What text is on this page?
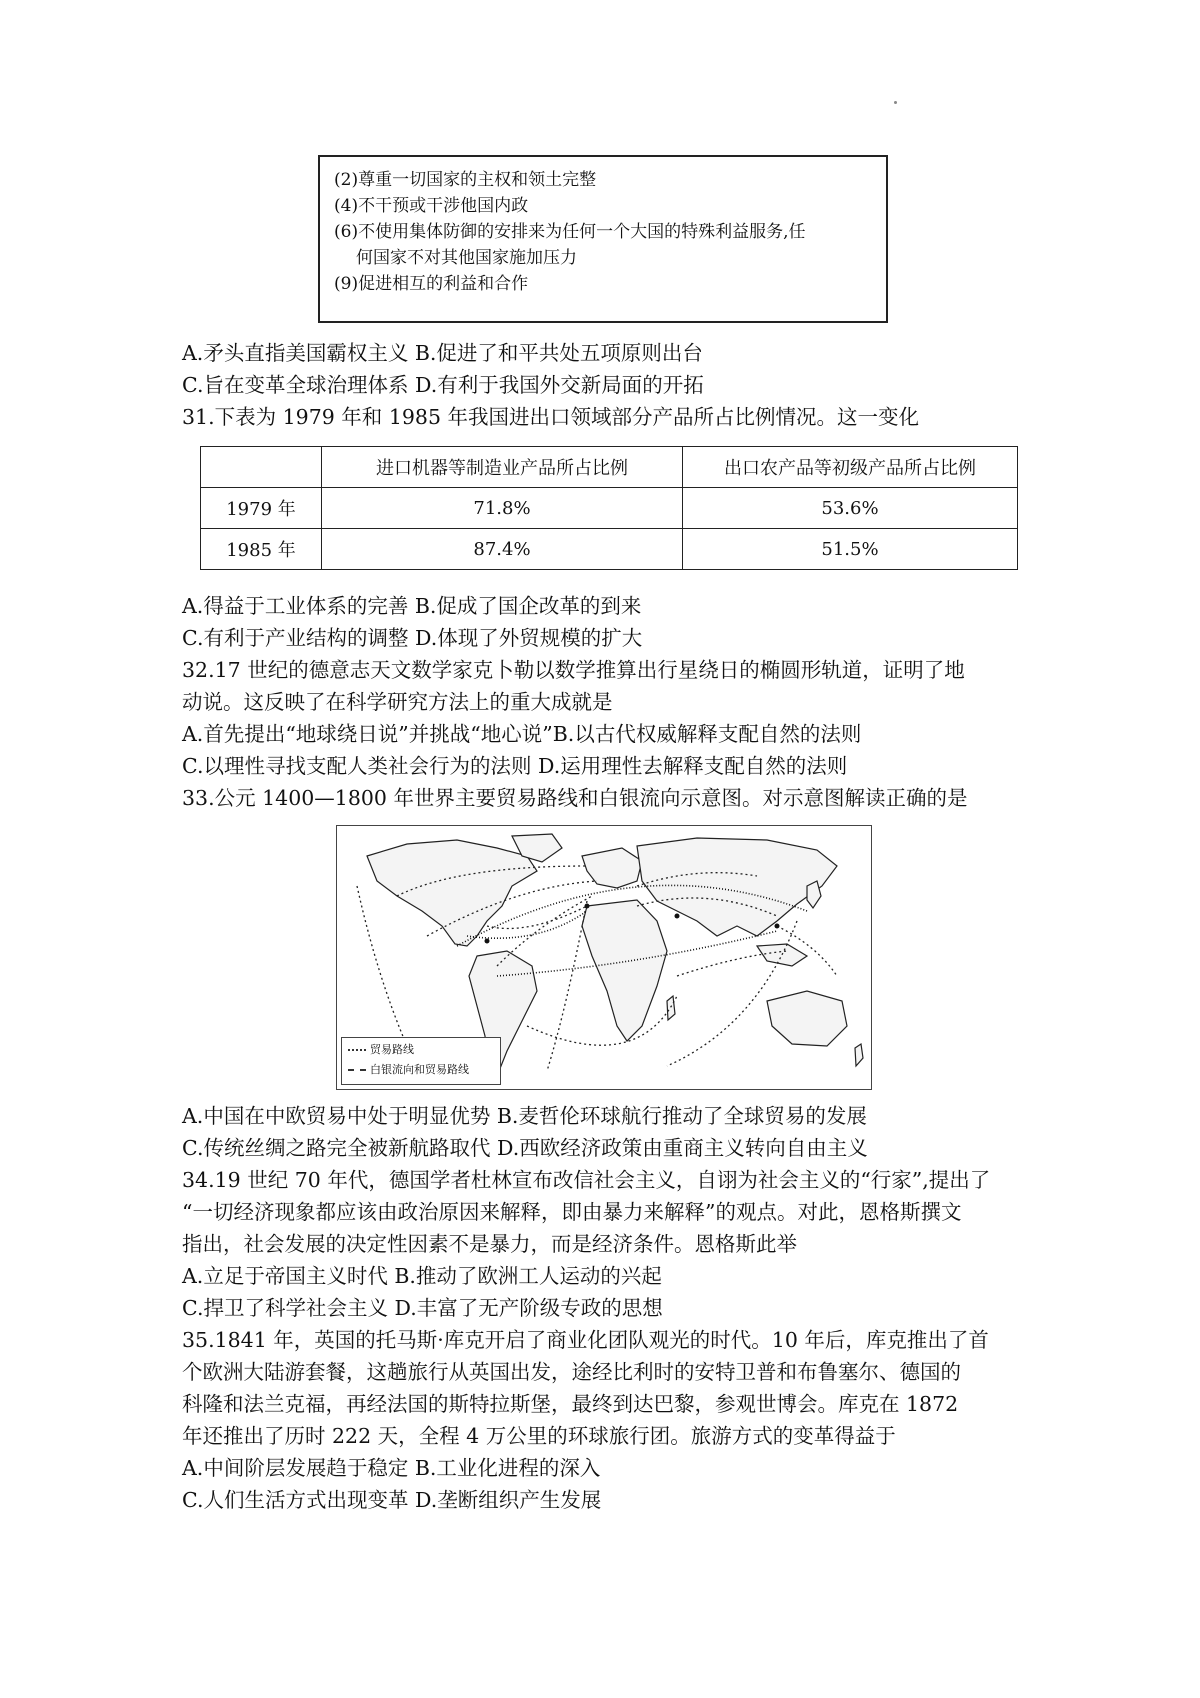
(2)尊重一切国家的主权和领土完整

(4)不干预或干涉他国内政

(6)不使用集体防御的安排来为任何一个大国的特殊利益服务,任

何国家不对其他国家施加压力

(9)促进相互的利益和合作

A.矛头直指美国霸权主义 B.促进了和平共处五项原则出台
C.旨在变革全球治理体系 D.有利于我国外交新局面的开拓
31.下表为 1979 年和 1985 年我国进出口领域部分产品所占比例情况。这一变化
	进口机器等制造业产品所占比例	出口农产品等初级产品所占比例
1979 年	71.8%	53.6%
1985 年	87.4%	51.5%
A.得益于工业体系的完善 B.促成了国企改革的到来
C.有利于产业结构的调整 D.体现了外贸规模的扩大
32.17 世纪的德意志天文数学家克卜勒以数学推算出行星绕日的椭圆形轨道，证明了地
动说。这反映了在科学研究方法上的重大成就是
A.首先提出“地球绕日说”并挑战“地心说”B.以古代权威解释支配自然的法则
C.以理性寻找支配人类社会行为的法则 D.运用理性去解释支配自然的法则
33.公元 1400—1800 年世界主要贸易路线和白银流向示意图。对示意图解读正确的是
贸易路线
白银流向和贸易路线
A.中国在中欧贸易中处于明显优势 B.麦哲伦环球航行推动了全球贸易的发展
C.传统丝绸之路完全被新航路取代 D.西欧经济政策由重商主义转向自由主义
34.19 世纪 70 年代，德国学者杜林宣布改信社会主义，自诩为社会主义的“行家”,提出了
“一切经济现象都应该由政治原因来解释，即由暴力来解释”的观点。对此，恩格斯撰文
指出，社会发展的决定性因素不是暴力，而是经济条件。恩格斯此举
A.立足于帝国主义时代 B.推动了欧洲工人运动的兴起
C.捍卫了科学社会主义 D.丰富了无产阶级专政的思想
35.1841 年，英国的托马斯·库克开启了商业化团队观光的时代。10 年后，库克推出了首
个欧洲大陆游套餐，这趟旅行从英国出发，途经比利时的安特卫普和布鲁塞尔、德国的
科隆和法兰克福，再经法国的斯特拉斯堡，最终到达巴黎，参观世博会。库克在 1872
年还推出了历时 222 天，全程 4 万公里的环球旅行团。旅游方式的变革得益于
A.中间阶层发展趋于稳定 B.工业化进程的深入
C.人们生活方式出现变革 D.垄断组织产生发展
